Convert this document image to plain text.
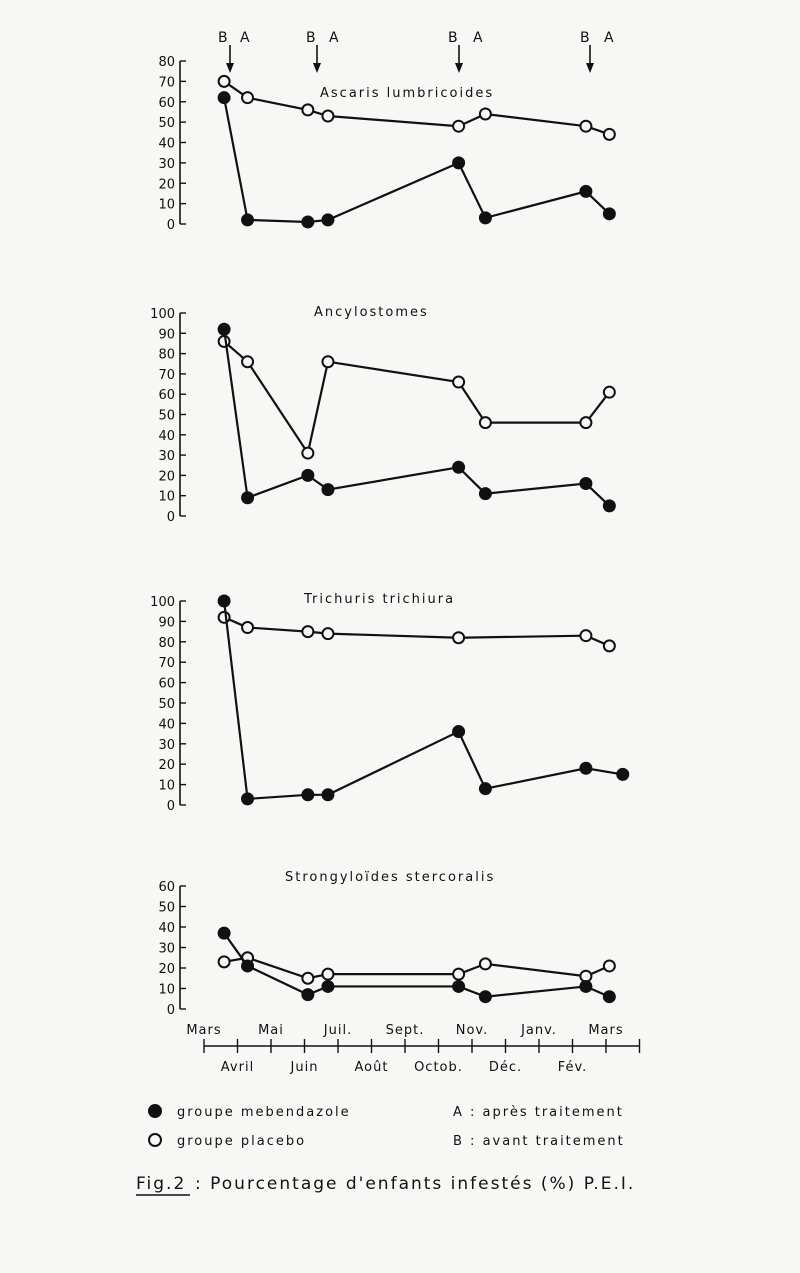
Ascaris lumbricoides
0
10
20
30
40
50
60
70
80
Ancylostomes
0
10
20
30
40
50
60
70
80
90
100
Trichuris trichiura
0
10
20
30
40
50
60
70
80
90
100
Strongyloïdes stercoralis
0
10
20
30
40
50
60
B A	B A	B A	B A
Mars	Mai	Juil.	Sept. Nov.	Janv. Mars
Avril	Juin	Août Octob. Déc.	Fév.
groupe mebendazole
groupe placebo
A : après traitement
B : avant traitement
Fig.2 : Pourcentage d'enfants infestés (%) P.E.I.
